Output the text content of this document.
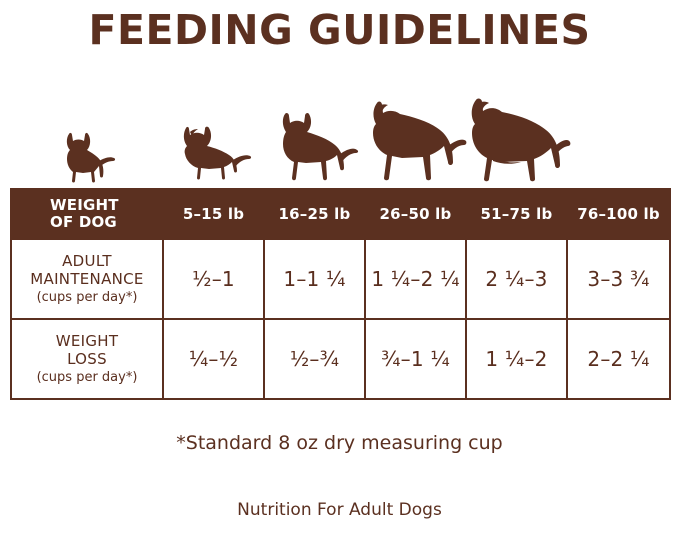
FEEDING GUIDELINES
WEIGHT
OF DOG	5–15 lb	16–25 lb	26–50 lb	51–75 lb	76–100 lb

ADULT
MAINTENANCE
(cups per day*)	½–1	1–1 ¼	1 ¼–2 ¼	2 ¼–3	3–3 ¾

WEIGHT
LOSS
(cups per day*)	¼–½	½–¾	¾–1 ¼	1 ¼–2	2–2 ¼
*Standard 8 oz dry measuring cup
Nutrition For Adult Dogs
